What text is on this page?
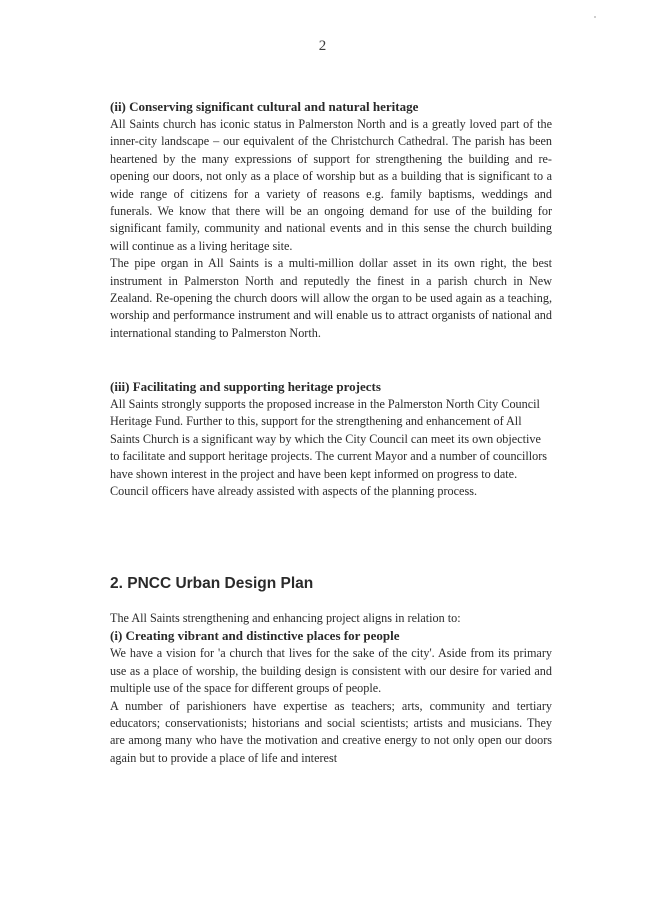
2
(ii) Conserving significant cultural and natural heritage

All Saints church has iconic status in Palmerston North and is a greatly loved part of the inner-city landscape – our equivalent of the Christchurch Cathedral. The parish has been heartened by the many expressions of support for strengthening the building and re-opening our doors, not only as a place of worship but as a building that is significant to a wide range of citizens for a variety of reasons e.g. family baptisms, weddings and funerals. We know that there will be an ongoing demand for use of the building for significant family, community and national events and in this sense the church building will continue as a living heritage site.

The pipe organ in All Saints is a multi-million dollar asset in its own right, the best instrument in Palmerston North and reputedly the finest in a parish church in New Zealand. Re-opening the church doors will allow the organ to be used again as a teaching, worship and performance instrument and will enable us to attract organists of national and international standing to Palmerston North.

(iii) Facilitating and supporting heritage projects

All Saints strongly supports the proposed increase in the Palmerston North City Council Heritage Fund. Further to this, support for the strengthening and enhancement of All Saints Church is a significant way by which the City Council can meet its own objective to facilitate and support heritage projects. The current Mayor and a number of councillors have shown interest in the project and have been kept informed on progress to date. Council officers have already assisted with aspects of the planning process.

2. PNCC Urban Design Plan

The All Saints strengthening and enhancing project aligns in relation to:

(i) Creating vibrant and distinctive places for people

We have a vision for 'a church that lives for the sake of the city'. Aside from its primary use as a place of worship, the building design is consistent with our desire for varied and multiple use of the space for different groups of people.

A number of parishioners have expertise as teachers; arts, community and tertiary educators; conservationists; historians and social scientists; artists and musicians. They are among many who have the motivation and creative energy to not only open our doors again but to provide a place of life and interest
